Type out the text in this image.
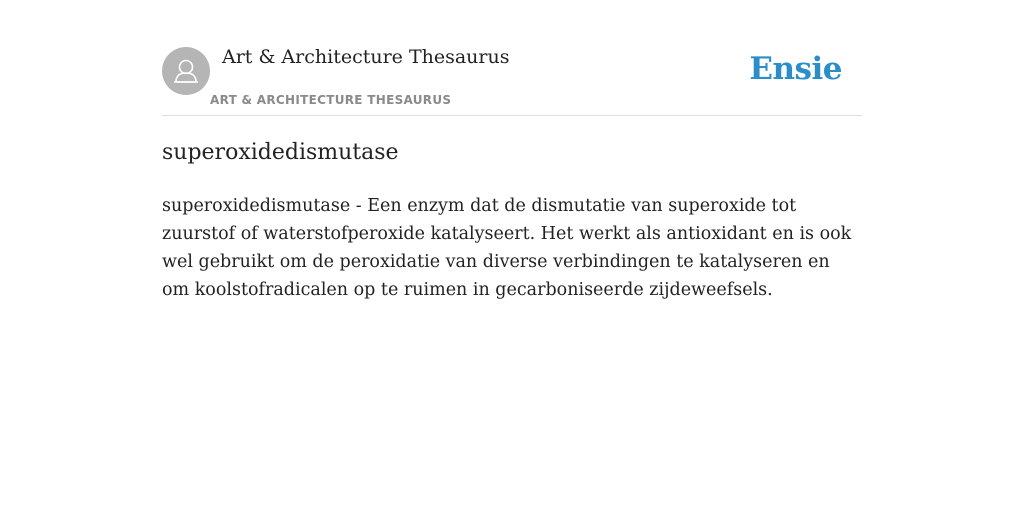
Art & Architecture Thesaurus
ART & ARCHITECTURE THESAURUS
Ensie
superoxidedismutase

superoxidedismutase - Een enzym dat de dismutatie van superoxide tot zuurstof of waterstofperoxide katalyseert. Het werkt als antioxidant en is ook wel gebruikt om de peroxidatie van diverse verbindingen te katalyseren en om koolstofradicalen op te ruimen in gecarboniseerde zijdeweefsels.
